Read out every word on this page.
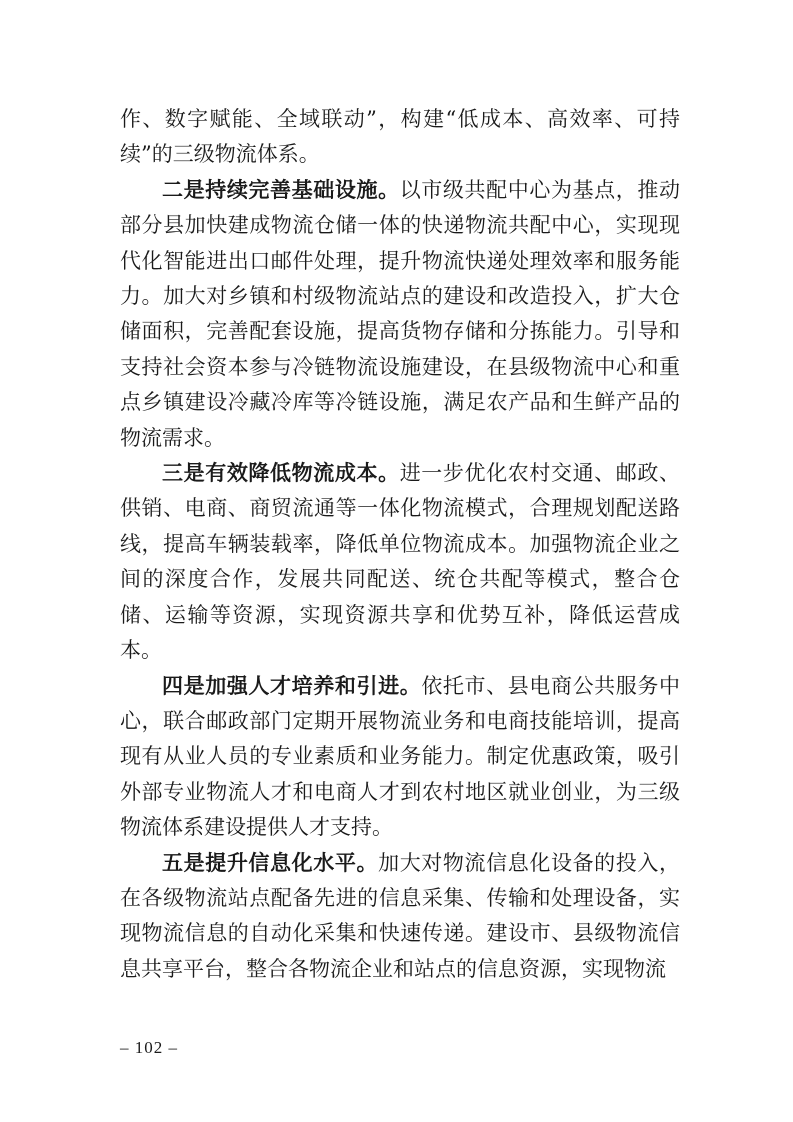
作、数字赋能、全域联动”，构建“低成本、高效率、可持续”的三级物流体系。

二是持续完善基础设施。以市级共配中心为基点，推动部分县加快建成物流仓储一体的快递物流共配中心，实现现代化智能进出口邮件处理，提升物流快递处理效率和服务能力。加大对乡镇和村级物流站点的建设和改造投入，扩大仓储面积，完善配套设施，提高货物存储和分拣能力。引导和支持社会资本参与冷链物流设施建设，在县级物流中心和重点乡镇建设冷藏冷库等冷链设施，满足农产品和生鲜产品的物流需求。

三是有效降低物流成本。进一步优化农村交通、邮政、供销、电商、商贸流通等一体化物流模式，合理规划配送路线，提高车辆装载率，降低单位物流成本。加强物流企业之间的深度合作，发展共同配送、统仓共配等模式，整合仓储、运输等资源，实现资源共享和优势互补，降低运营成本。

四是加强人才培养和引进。依托市、县电商公共服务中心，联合邮政部门定期开展物流业务和电商技能培训，提高现有从业人员的专业素质和业务能力。制定优惠政策，吸引外部专业物流人才和电商人才到农村地区就业创业，为三级物流体系建设提供人才支持。

五是提升信息化水平。加大对物流信息化设备的投入，在各级物流站点配备先进的信息采集、传输和处理设备，实现物流信息的自动化采集和快速传递。建设市、县级物流信息共享平台，整合各物流企业和站点的信息资源，实现物流

– 102 –
